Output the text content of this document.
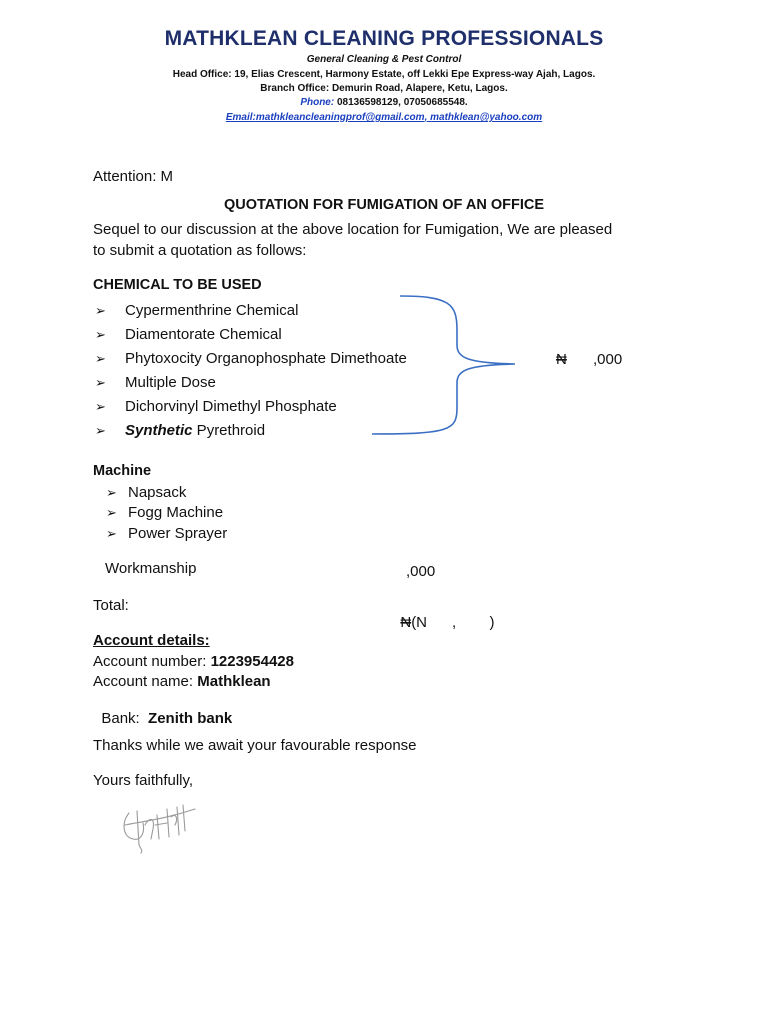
MATHKLEAN CLEANING PROFESSIONALS
General Cleaning & Pest Control
Head Office: 19, Elias Crescent, Harmony Estate, off Lekki Epe Express-way Ajah, Lagos.
Branch Office: Demurin Road, Alapere, Ketu, Lagos.
Phone: 08136598129, 07050685548.
Email:mathkleancleaningprof@gmail.com, mathklean@yahoo.com
Attention: M
QUOTATION FOR FUMIGATION OF AN OFFICE
Sequel to our discussion at the above location for Fumigation, We are pleased
to submit a quotation as follows:
CHEMICAL TO BE USED
➢ Cypermenthrine Chemical
➢ Diamentorate Chemical
➢ Phytoxocity Organophosphate Dimethoate
➢ Multiple Dose
➢ Dichorvinyl Dimethyl Phosphate
➢ Synthetic Pyrethroid
₦ ,000
Machine
➢ Napsack
➢ Fogg Machine
➢ Power Sprayer
Workmanship	,000
Total:

₦(N      ,        )

Account details:
Account number: 1223954428
Account name: Mathklean

Bank:  Zenith bank

Thanks while we await your favourable response
Yours faithfully,
